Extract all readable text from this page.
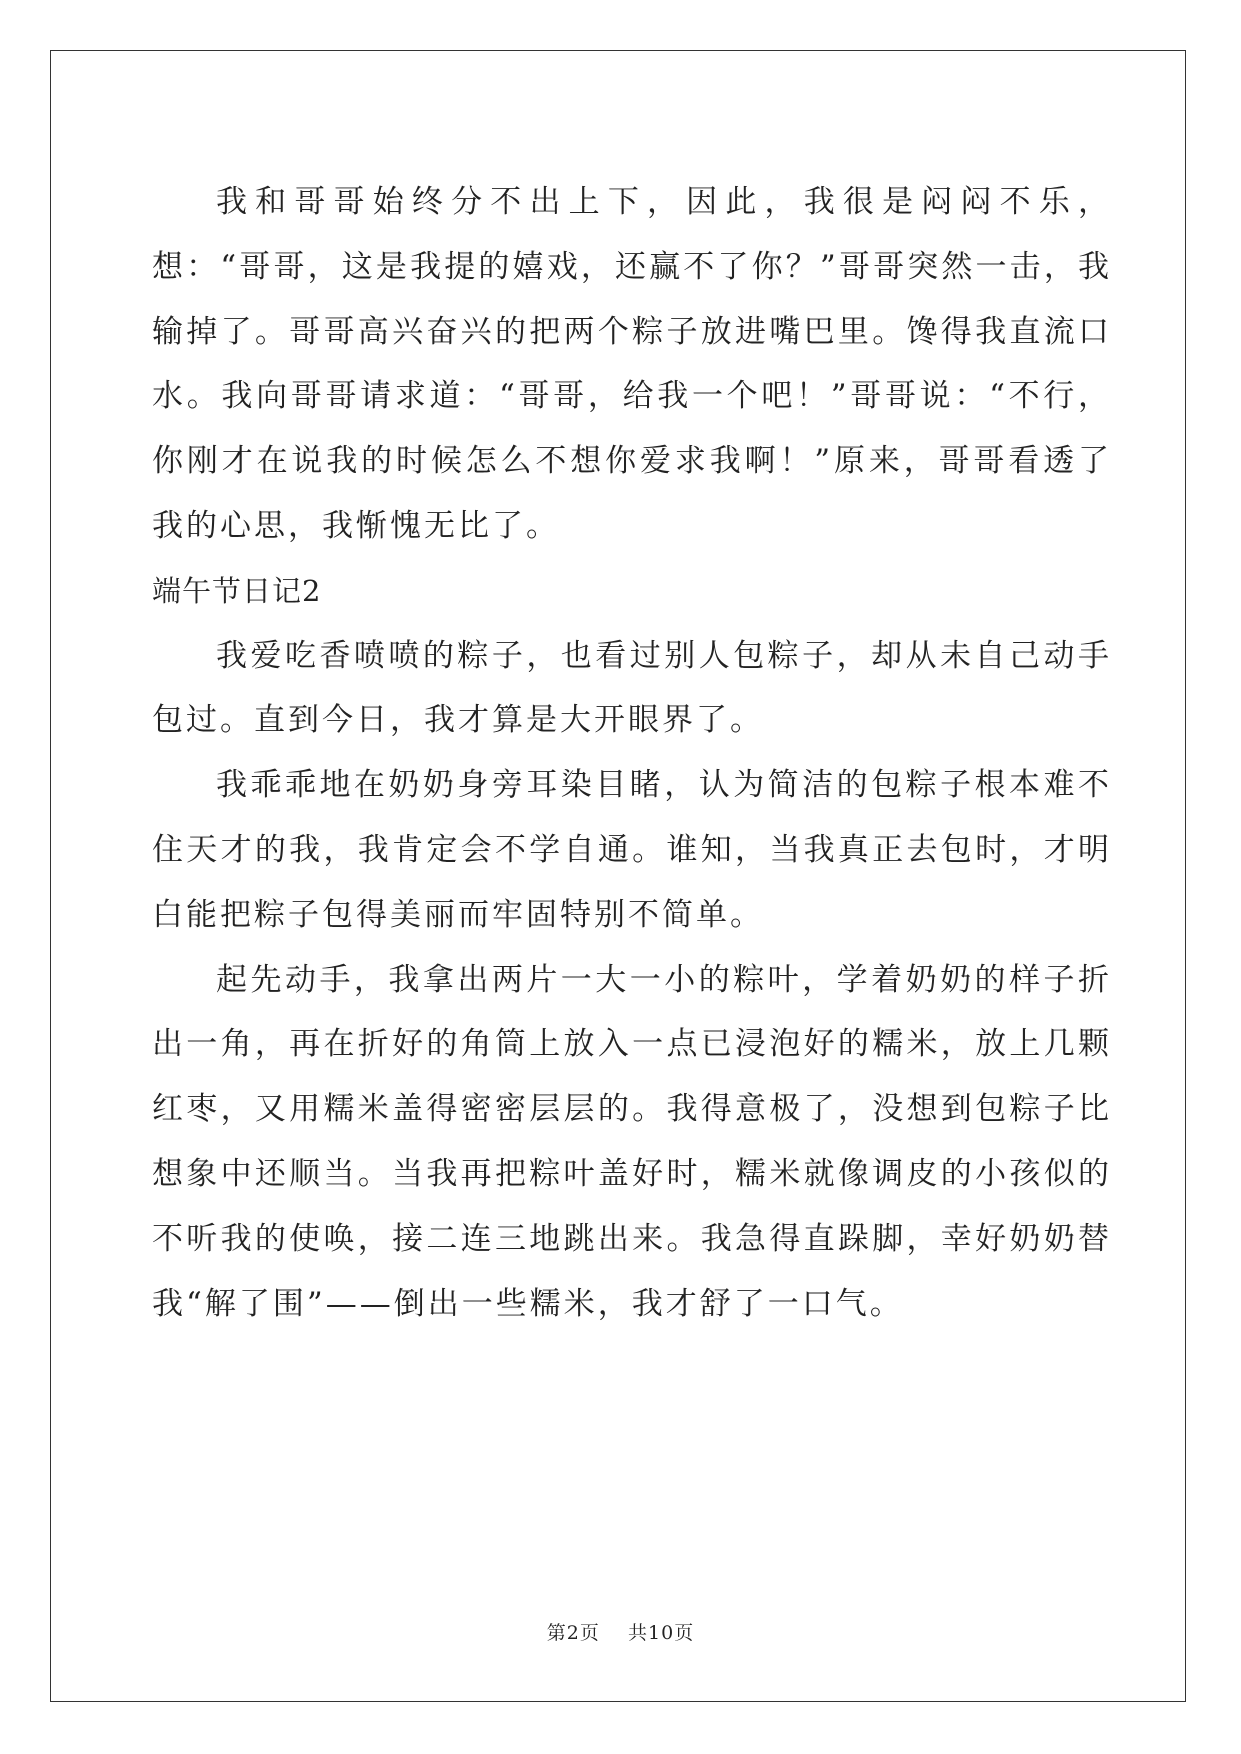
我和哥哥始终分不出上下，因此，我很是闷闷不乐，想：“哥哥，这是我提的嬉戏，还赢不了你？”哥哥突然一击，我输掉了。哥哥高兴奋兴的把两个粽子放进嘴巴里。馋得我直流口水。我向哥哥请求道：“哥哥，给我一个吧！”哥哥说：“不行，你刚才在说我的时候怎么不想你爱求我啊！”原来，哥哥看透了我的心思，我惭愧无比了。

端午节日记2

我爱吃香喷喷的粽子，也看过别人包粽子，却从未自己动手包过。直到今日，我才算是大开眼界了。

我乖乖地在奶奶身旁耳染目睹，认为简洁的包粽子根本难不住天才的我，我肯定会不学自通。谁知，当我真正去包时，才明白能把粽子包得美丽而牢固特别不简单。

起先动手，我拿出两片一大一小的粽叶，学着奶奶的样子折出一角，再在折好的角筒上放入一点已浸泡好的糯米，放上几颗红枣，又用糯米盖得密密层层的。我得意极了，没想到包粽子比想象中还顺当。当我再把粽叶盖好时，糯米就像调皮的小孩似的不听我的使唤，接二连三地跳出来。我急得直跺脚，幸好奶奶替我“解了围”——倒出一些糯米，我才舒了一口气。

第2页 共10页
